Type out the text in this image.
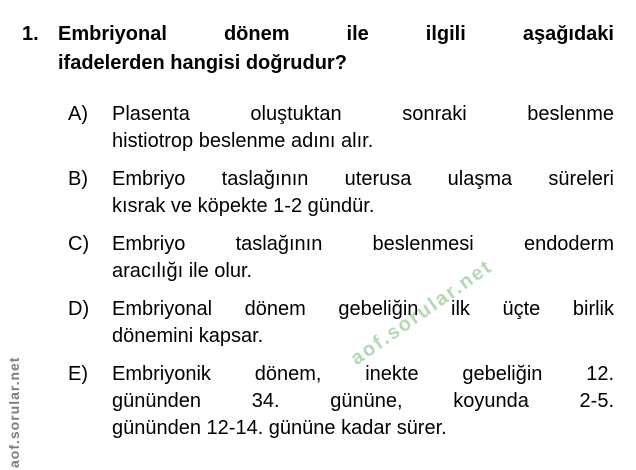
aof.sorular.net
aof.sorular.net
1. Embriyonal dönem ile ilgili aşağıdaki
ifadelerden hangisi doğrudur?
A)	Plasenta oluştuktan sonraki beslenme
histiotrop beslenme adını alır.
B)	Embriyo taslağının uterusa ulaşma süreleri
kısrak ve köpekte 1-2 gündür.
C)	Embriyo taslağının beslenmesi endoderm
aracılığı ile olur.
D)	Embriyonal dönem gebeliğin ilk üçte birlik
dönemini kapsar.
E)	Embriyonik dönem, inekte gebeliğin 12.
gününden 34. gününe, koyunda 2-5.
gününden 12-14. gününe kadar sürer.
